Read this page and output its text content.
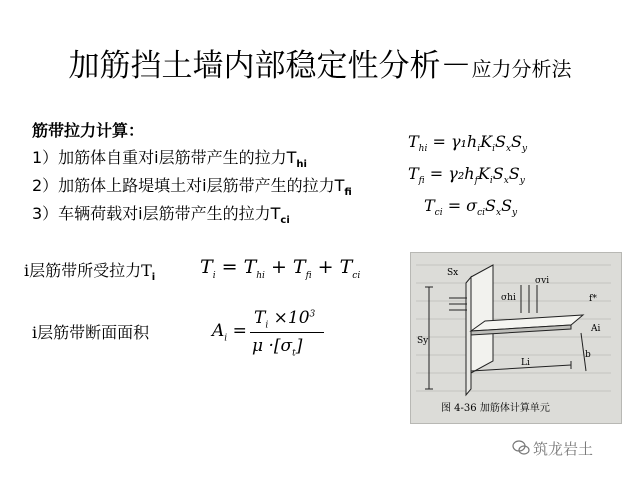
加筋挡土墙内部稳定性分析－应力分析法
筋带拉力计算：
1）加筋体自重对i层筋带产生的拉力$T_{hi}$
2）加筋体上路堤填土对i层筋带产生的拉力$T_{fi}$
3）车辆荷载对i层筋带产生的拉力$T_{ci}$
$T_{hi} = \gamma_1h_iK_iS_xS_y$
$T_{fi} = \gamma_2h_fK_iS_xS_y$
$T_{ci} = \sigma_{ci}S_xS_y$
i层筋带所受拉力$T_i$ $T_i = T_{hi} + T_{fi} + T_{ci}$
i层筋带断面面积	$A_i$ =
$T_i \times 10^3$
$\mu \cdot[\sigma_t]$
Sx
σhi
σvi
f*
Sy
Ai
Li
b
图 4-36 加筋体计算单元
筑龙岩土
